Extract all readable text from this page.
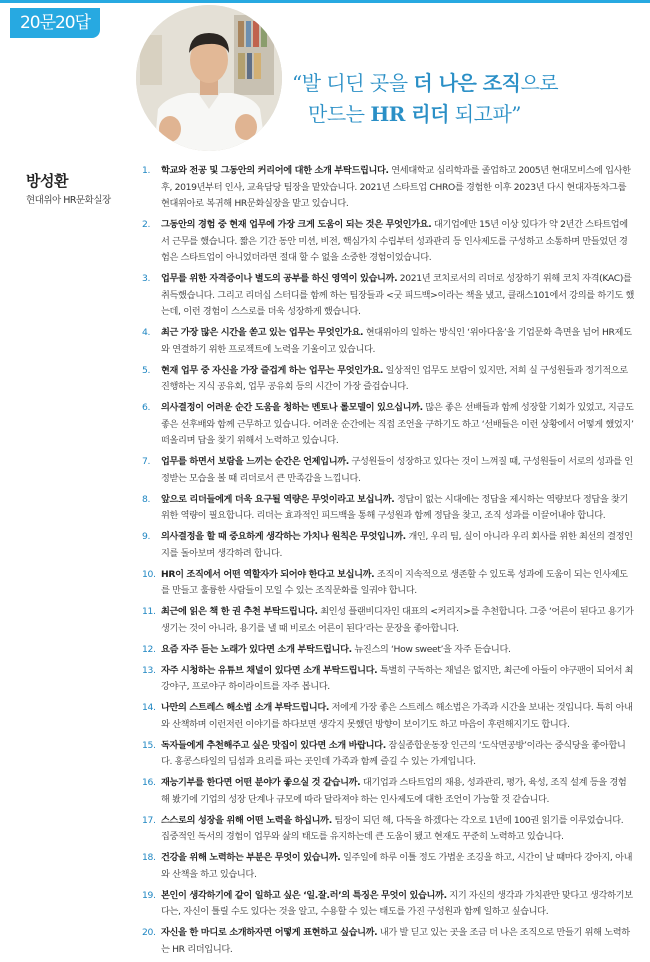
20문20답
“발 디딘 곳을 더 나은 조직으로
만드는 HR 리더 되고파”
방성환
현대위아 HR문화실장
1. 학교와 전공 및 그동안의 커리어에 대한 소개 부탁드립니다. 연세대학교 심리학과를 졸업하고 2005년 현대모비스에 입사한 후, 2019년부터 인사, 교육담당 팀장을 맡았습니다. 2021년 스타트업 CHRO를 경험한 이후 2023년 다시 현대자동차그룹 현대위아로 복귀해 HR문화실장을 맡고 있습니다.
2. 그동안의 경험 중 현재 업무에 가장 크게 도움이 되는 것은 무엇인가요. 대기업에만 15년 이상 있다가 약 2년간 스타트업에서 근무를 했습니다. 짧은 기간 동안 미션, 비전, 핵심가치 수립부터 성과관리 등 인사제도를 구성하고 소통하며 만들었던 경험은 스타트업이 아니었더라면 절대 할 수 없을 소중한 경험이었습니다.
3. 업무를 위한 자격증이나 별도의 공부를 하신 영역이 있습니까. 2021년 코치로서의 리더로 성장하기 위해 코치 자격(KAC)를 취득했습니다. 그리고 리더십 스터디를 함께 하는 팀장들과 <굿 피드백>이라는 책을 냈고, 클래스101에서 강의를 하기도 했는데, 이런 경험이 스스로를 더욱 성장하게 했습니다.
4. 최근 가장 많은 시간을 쏟고 있는 업무는 무엇인가요. 현대위아의 일하는 방식인 ‘위아다움’을 기업문화 측면을 넘어 HR제도와 연결하기 위한 프로젝트에 노력을 기울이고 있습니다.
5. 현재 업무 중 자신을 가장 즐겁게 하는 업무는 무엇인가요. 일상적인 업무도 보람이 있지만, 저희 실 구성원들과 정기적으로 진행하는 지식 공유회, 업무 공유회 등의 시간이 가장 즐겁습니다.
6. 의사결정이 어려운 순간 도움을 청하는 멘토나 롤모델이 있으십니까. 많은 좋은 선배들과 함께 성장할 기회가 있었고, 지금도 좋은 선후배와 함께 근무하고 있습니다. 어려운 순간에는 직접 조언을 구하기도 하고 ‘선배들은 이런 상황에서 어떻게 했었지’ 떠올리며 답을 찾기 위해서 노력하고 있습니다.
7. 업무를 하면서 보람을 느끼는 순간은 언제입니까. 구성원들이 성장하고 있다는 것이 느껴질 때, 구성원들이 서로의 성과를 인정받는 모습을 볼 때 리더로서 큰 만족감을 느낍니다.
8. 앞으로 리더들에게 더욱 요구될 역량은 무엇이라고 보십니까. 정답이 없는 시대에는 정답을 제시하는 역량보다 정답을 찾기 위한 역량이 필요합니다. 리더는 효과적인 피드백을 통해 구성원과 함께 정답을 찾고, 조직 성과를 이끌어내야 합니다.
9. 의사결정을 할 때 중요하게 생각하는 가치나 원칙은 무엇입니까. 개인, 우리 팀, 실이 아니라 우리 회사를 위한 최선의 결정인지를 돌아보며 생각하려 합니다.
10. HR이 조직에서 어떤 역할자가 되어야 한다고 보십니까. 조직이 지속적으로 생존할 수 있도록 성과에 도움이 되는 인사제도를 만들고 훌륭한 사람들이 모일 수 있는 조직문화를 일궈야 합니다.
11. 최근에 읽은 책 한 권 추천 부탁드립니다. 최인성 플랜비디자인 대표의 <커리지>를 추천합니다. 그중 ‘어른이 된다고 용기가 생기는 것이 아니라, 용기를 낼 때 비로소 어른이 된다’라는 문장을 좋아합니다.
12. 요즘 자주 듣는 노래가 있다면 소개 부탁드립니다. 뉴진스의 ‘How sweet’을 자주 듣습니다.
13. 자주 시청하는 유튜브 채널이 있다면 소개 부탁드립니다. 특별히 구독하는 채널은 없지만, 최근에 아들이 야구팬이 되어서 최강야구, 프로야구 하이라이트를 자주 봅니다.
14. 나만의 스트레스 해소법 소개 부탁드립니다. 저에게 가장 좋은 스트레스 해소법은 가족과 시간을 보내는 것입니다. 특히 아내와 산책하며 이런저런 이야기를 하다보면 생각지 못했던 방향이 보이기도 하고 마음이 후련해지기도 합니다.
15. 독자들에게 추천해주고 싶은 맛집이 있다면 소개 바랍니다. 잠실종합운동장 인근의 ‘도삭면공방’이라는 중식당을 좋아합니다. 홍콩스타일의 딤섬과 요리를 파는 곳인데 가족과 함께 즐길 수 있는 가게입니다.
16. 재능기부를 한다면 어떤 분야가 좋으실 것 같습니까. 대기업과 스타트업의 채용, 성과관리, 평가, 육성, 조직 설계 등을 경험해 봤기에 기업의 성장 단계나 규모에 따라 달라져야 하는 인사제도에 대한 조언이 가능할 것 같습니다.
17. 스스로의 성장을 위해 어떤 노력을 하십니까. 팀장이 되던 해, 다독을 하겠다는 각오로 1년에 100권 읽기를 이루었습니다. 집중적인 독서의 경험이 업무와 삶의 태도를 유지하는데 큰 도움이 됐고 현재도 꾸준히 노력하고 있습니다.
18. 건강을 위해 노력하는 부분은 무엇이 있습니까. 일주일에 하루 이틀 정도 가볍운 조깅을 하고, 시간이 날 때마다 강아지, 아내와 산책을 하고 있습니다.
19. 본인이 생각하기에 같이 일하고 싶은 ‘일.잘.러’의 특징은 무엇이 있습니까. 지기 자신의 생각과 가치관만 맞다고 생각하기보다는, 자신이 틀릴 수도 있다는 것을 알고, 수용할 수 있는 태도를 가진 구성원과 함께 일하고 싶습니다.
20. 자신을 한 마디로 소개하자면 어떻게 표현하고 싶습니까. 내가 발 딛고 있는 곳을 조금 더 나은 조직으로 만들기 위해 노력하는 HR 리더입니다.
